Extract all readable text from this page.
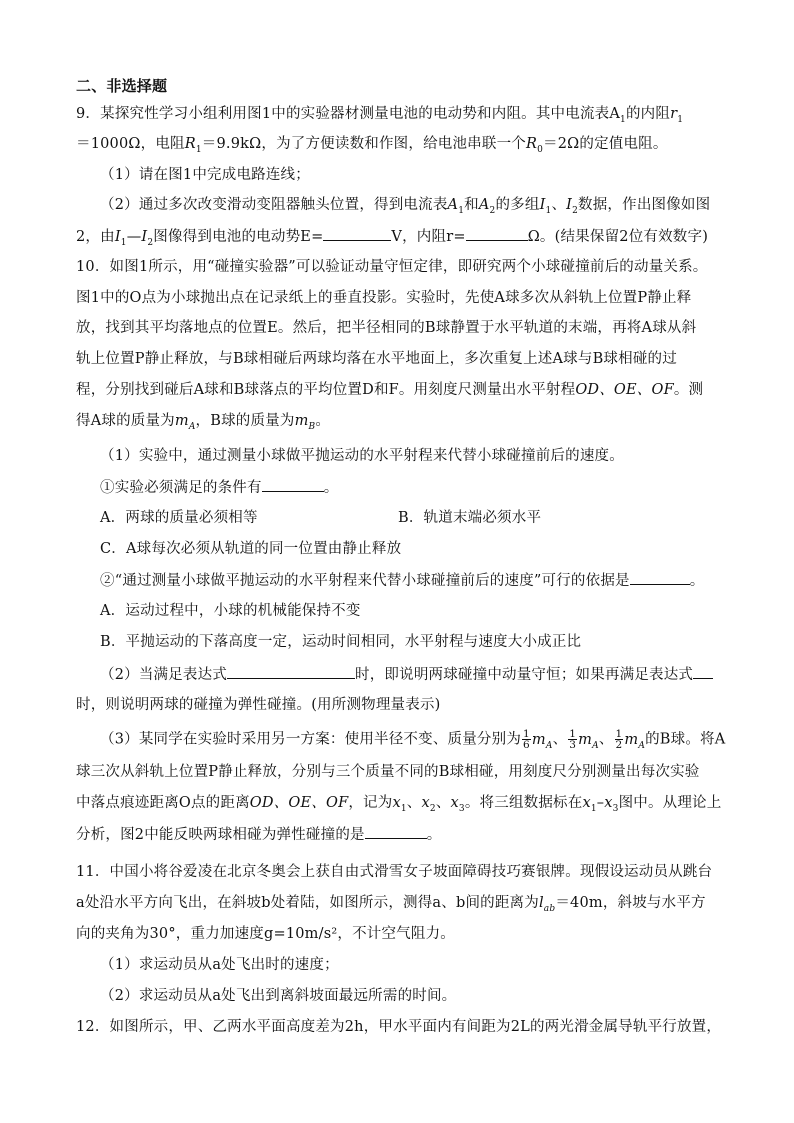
二、非选择题
9．某探究性学习小组利用图1中的实验器材测量电池的电动势和内阻。其中电流表$A_1$的内阻$r_1$
＝1000Ω，电阻$R_1=9.9k\Omega$，为了方便读数和作图，给电池串联一个$R_0=2\Omega$的定值电阻。
（1）请在图1中完成电路连线；
（2）通过多次改变滑动变阻器触头位置，得到电流表$A_1$和$A_2$的多组$I_1$、$I_2$数据，作出图像如图
2，由$I_1—I_2$图像得到电池的电动势E=	V，内阻r=	Ω。(结果保留2位有效数字)
10．如图1所示，用“碰撞实验器”可以验证动量守恒定律，即研究两个小球碰撞前后的动量关系。
图1中的O点为小球抛出点在记录纸上的垂直投影。实验时，先使A球多次从斜轨上位置P静止释
放，找到其平均落地点的位置E。然后，把半径相同的B球静置于水平轨道的末端，再将A球从斜
轨上位置P静止释放，与B球相碰后两球均落在水平地面上，多次重复上述A球与B球相碰的过
程，分别找到碰后A球和B球落点的平均位置D和F。用刻度尺测量出水平射程OD、OE、OF。测
得A球的质量为$m_A$，B球的质量为$m_B$。
（1）实验中，通过测量小球做平抛运动的水平射程来代替小球碰撞前后的速度。
①实验必须满足的条件有	。
A．两球的质量必须相等	B．轨道末端必须水平
C．A球每次必须从轨道的同一位置由静止释放
②“通过测量小球做平抛运动的水平射程来代替小球碰撞前后的速度”可行的依据是	。
A．运动过程中，小球的机械能保持不变
B．平抛运动的下落高度一定，运动时间相同，水平射程与速度大小成正比
（2）当满足表达式	时，即说明两球碰撞中动量守恒；如果再满足表达式
时，则说明两球的碰撞为弹性碰撞。(用所测物理量表示)
（3）某同学在实验时采用另一方案：使用半径不变、质量分别为 $\frac{1}{6} m_A$、 $\frac{1}{3} m_A$、 $\frac{1}{2} m_A$的B球。将A
球三次从斜轨上位置P静止释放，分别与三个质量不同的B球相碰，用刻度尺分别测量出每次实验
中落点痕迹距离O点的距离OD、OE、OF，记为$x_1$、$x_2$、$x_3$。将三组数据标在$x_1-x_3$图中。从理论上
分析，图2中能反映两球相碰为弹性碰撞的是	。
11．中国小将谷爱凌在北京冬奥会上获自由式滑雪女子坡面障碍技巧赛银牌。现假设运动员从跳台
a处沿水平方向飞出，在斜坡b处着陆，如图所示，测得a、b间的距离为$l_{ab}=40m$，斜坡与水平方
向的夹角为30°，重力加速度g=10m/s²，不计空气阻力。
（1）求运动员从a处飞出时的速度；
（2）求运动员从a处飞出到离斜坡面最远所需的时间。
12．如图所示，甲、乙两水平面高度差为2h，甲水平面内有间距为2L的两光滑金属导轨平行放置，
